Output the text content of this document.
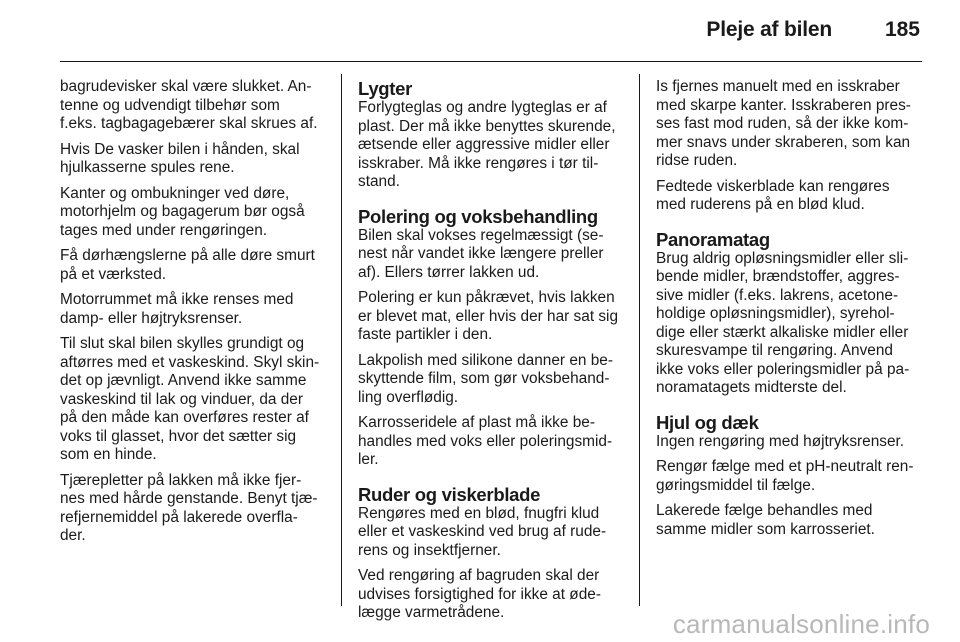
Pleje af bilen	185

bagrudevisker skal være slukket. An-
tenne og udvendigt tilbehør som
f.eks. tagbagagebærer skal skrues af.

Hvis De vasker bilen i hånden, skal
hjulkasserne spules rene.

Kanter og ombukninger ved døre,
motorhjelm og bagagerum bør også
tages med under rengøringen.

Få dørhængslerne på alle døre smurt
på et værksted.

Motorrummet må ikke renses med
damp- eller højtryksrenser.

Til slut skal bilen skylles grundigt og
aftørres med et vaskeskind. Skyl skin-
det op jævnligt. Anvend ikke samme
vaskeskind til lak og vinduer, da der
på den måde kan overføres rester af
voks til glasset, hvor det sætter sig
som en hinde.

Tjærepletter på lakken må ikke fjer-
nes med hårde genstande. Benyt tjæ-
refjernemiddel på lakerede overfla-
der.

Lygter

Forlygteglas og andre lygteglas er af
plast. Der må ikke benyttes skurende,
ætsende eller aggressive midler eller
isskraber. Må ikke rengøres i tør til-
stand.

Polering og voksbehandling

Bilen skal vokses regelmæssigt (se-
nest når vandet ikke længere preller
af). Ellers tørrer lakken ud.

Polering er kun påkrævet, hvis lakken
er blevet mat, eller hvis der har sat sig
faste partikler i den.

Lakpolish med silikone danner en be-
skyttende film, som gør voksbehand-
ling overflødig.

Karrosseridele af plast må ikke be-
handles med voks eller poleringsmid-
ler.

Ruder og viskerblade

Rengøres med en blød, fnugfri klud
eller et vaskeskind ved brug af rude-
rens og insektfjerner.

Ved rengøring af bagruden skal der
udvises forsigtighed for ikke at øde-
lægge varmetrådene.

Is fjernes manuelt med en isskraber
med skarpe kanter. Isskraberen pres-
ses fast mod ruden, så der ikke kom-
mer snavs under skraberen, som kan
ridse ruden.

Fedtede viskerblade kan rengøres
med ruderens på en blød klud.

Panoramatag

Brug aldrig opløsningsmidler eller sli-
bende midler, brændstoffer, aggres-
sive midler (f.eks. lakrens, acetone-
holdige opløsningsmidler), syrehol-
dige eller stærkt alkaliske midler eller
skuresvampe til rengøring. Anvend
ikke voks eller poleringsmidler på pa-
noramatagets midterste del.

Hjul og dæk

Ingen rengøring med højtryksrenser.

Rengør fælge med et pH-neutralt ren-
gøringsmiddel til fælge.

Lakerede fælge behandles med
samme midler som karrosseriet.

carmanualsonline.info
